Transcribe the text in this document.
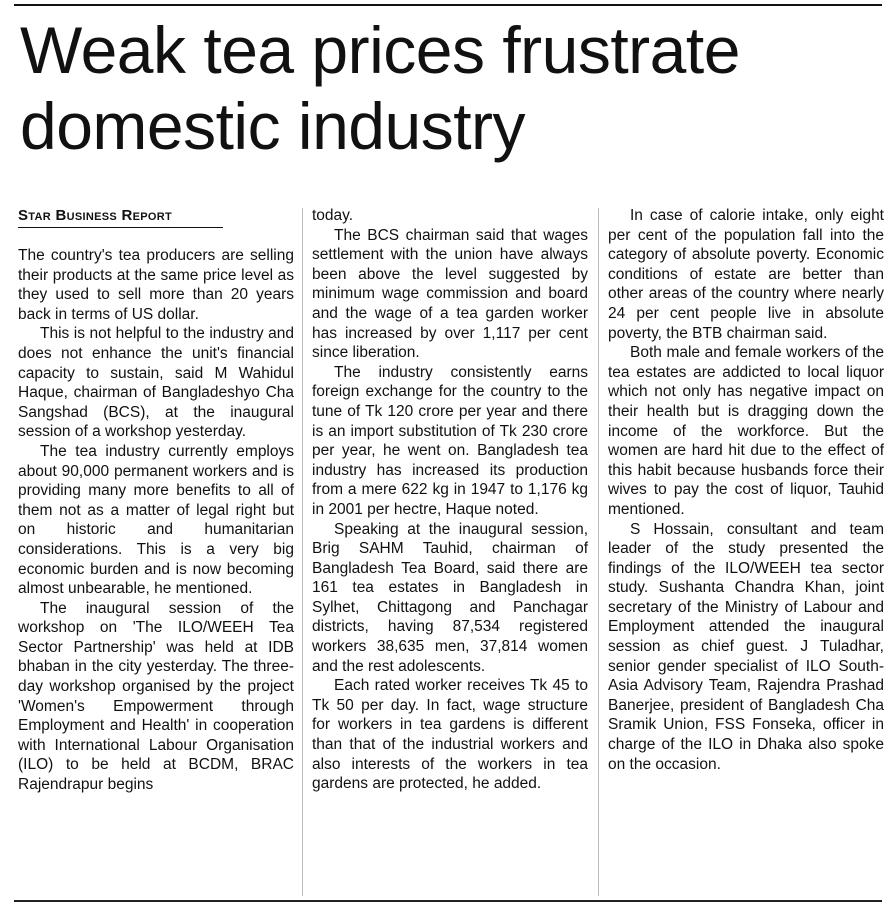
Weak tea prices frustrate domestic industry
Star Business Report

The country's tea producers are selling their products at the same price level as they used to sell more than 20 years back in terms of US dollar.

This is not helpful to the industry and does not enhance the unit's financial capacity to sustain, said M Wahidul Haque, chairman of Bangladeshyo Cha Sangshad (BCS), at the inaugural session of a workshop yesterday.

The tea industry currently employs about 90,000 permanent workers and is providing many more benefits to all of them not as a matter of legal right but on historic and humanitarian considerations. This is a very big economic burden and is now becoming almost unbearable, he mentioned.

The inaugural session of the workshop on 'The ILO/WEEH Tea Sector Partnership' was held at IDB bhaban in the city yesterday. The three-day workshop organised by the project 'Women's Empowerment through Employment and Health' in cooperation with International Labour Organisation (ILO) to be held at BCDM, BRAC Rajendrapur begins

today.

The BCS chairman said that wages settlement with the union have always been above the level suggested by minimum wage commission and board and the wage of a tea garden worker has increased by over 1,117 per cent since liberation.

The industry consistently earns foreign exchange for the country to the tune of Tk 120 crore per year and there is an import substitution of Tk 230 crore per year, he went on. Bangladesh tea industry has increased its production from a mere 622 kg in 1947 to 1,176 kg in 2001 per hectre, Haque noted.

Speaking at the inaugural session, Brig SAHM Tauhid, chairman of Bangladesh Tea Board, said there are 161 tea estates in Bangladesh in Sylhet, Chittagong and Panchagar districts, having 87,534 registered workers 38,635 men, 37,814 women and the rest adolescents.

Each rated worker receives Tk 45 to Tk 50 per day. In fact, wage structure for workers in tea gardens is different than that of the industrial workers and also interests of the workers in tea gardens are protected, he added.

In case of calorie intake, only eight per cent of the population fall into the category of absolute poverty. Economic conditions of estate are better than other areas of the country where nearly 24 per cent people live in absolute poverty, the BTB chairman said.

Both male and female workers of the tea estates are addicted to local liquor which not only has negative impact on their health but is dragging down the income of the workforce. But the women are hard hit due to the effect of this habit because husbands force their wives to pay the cost of liquor, Tauhid mentioned.

S Hossain, consultant and team leader of the study presented the findings of the ILO/WEEH tea sector study. Sushanta Chandra Khan, joint secretary of the Ministry of Labour and Employment attended the inaugural session as chief guest. J Tuladhar, senior gender specialist of ILO South-Asia Advisory Team, Rajendra Prashad Banerjee, president of Bangladesh Cha Sramik Union, FSS Fonseka, officer in charge of the ILO in Dhaka also spoke on the occasion.
